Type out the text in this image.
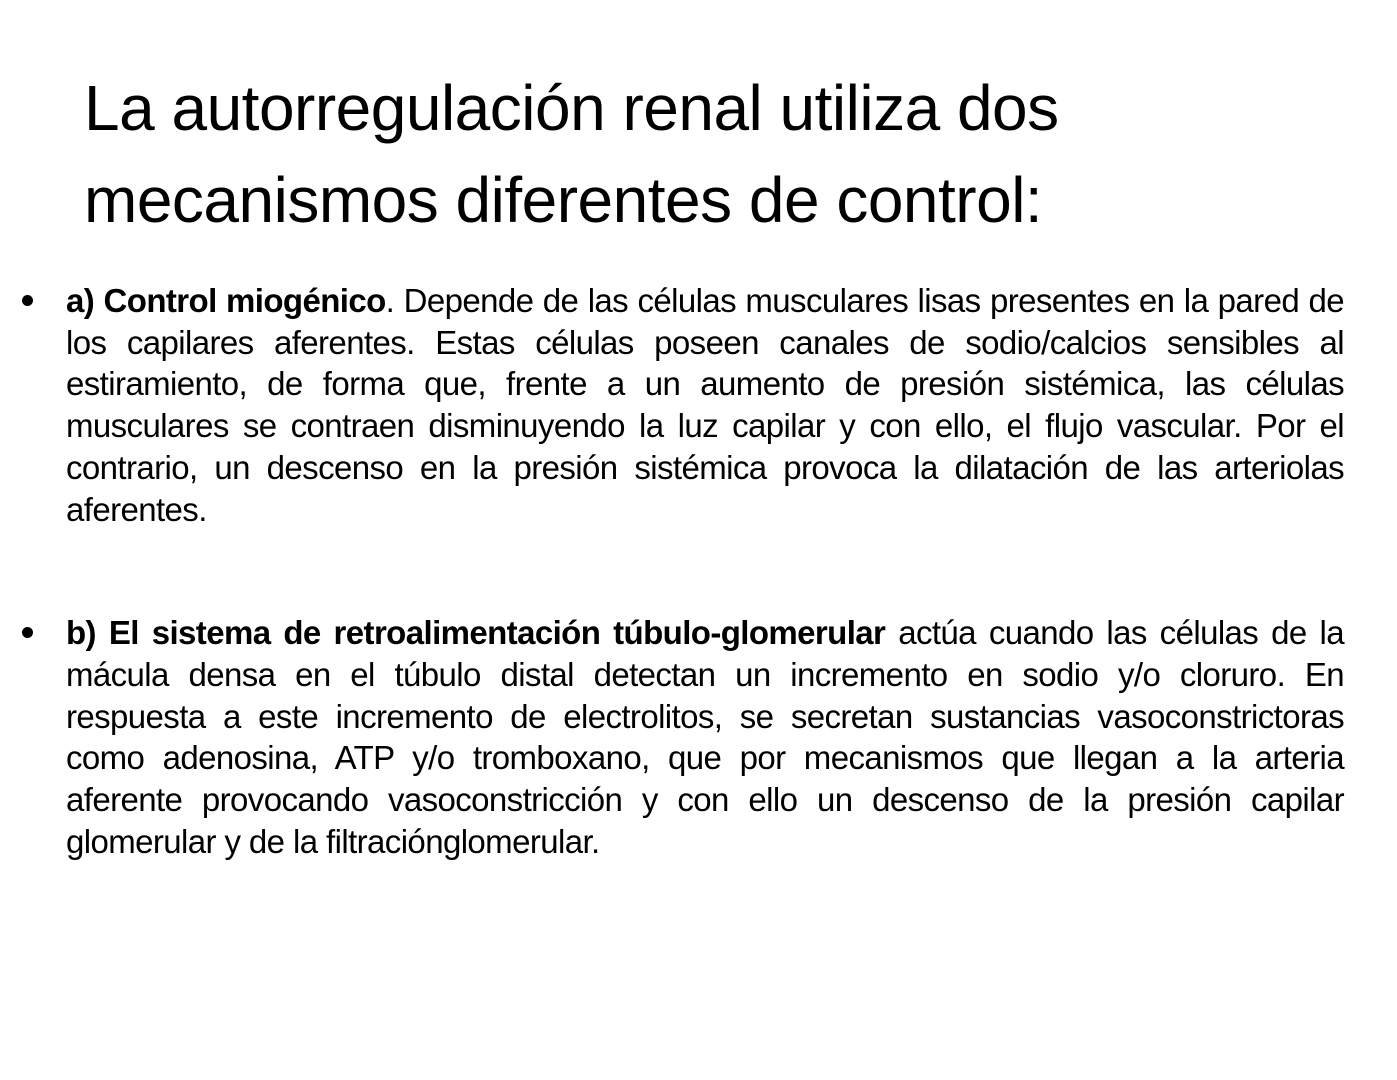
La autorregulación renal utiliza dos mecanismos diferentes de control:
a) Control miogénico. Depende de las células musculares lisas presentes en la pared de los capilares aferentes. Estas células poseen canales de sodio/calcios sensibles al estiramiento, de forma que, frente a un aumento de presión sistémica, las células musculares se contraen disminuyendo la luz capilar y con ello, el flujo vascular. Por el contrario, un descenso en la presión sistémica provoca la dilatación de las arteriolas aferentes.
b) El sistema de retroalimentación túbulo-glomerular actúa cuando las células de la mácula densa en el túbulo distal detectan un incremento en sodio y/o cloruro. En respuesta a este incremento de electrolitos, se secretan sustancias vasoconstrictoras como adenosina, ATP y/o tromboxano, que por mecanismos que llegan a la arteria aferente provocando vasoconstricción y con ello un descenso de la presión capilar glomerular y de la filtraciónglomerular.
